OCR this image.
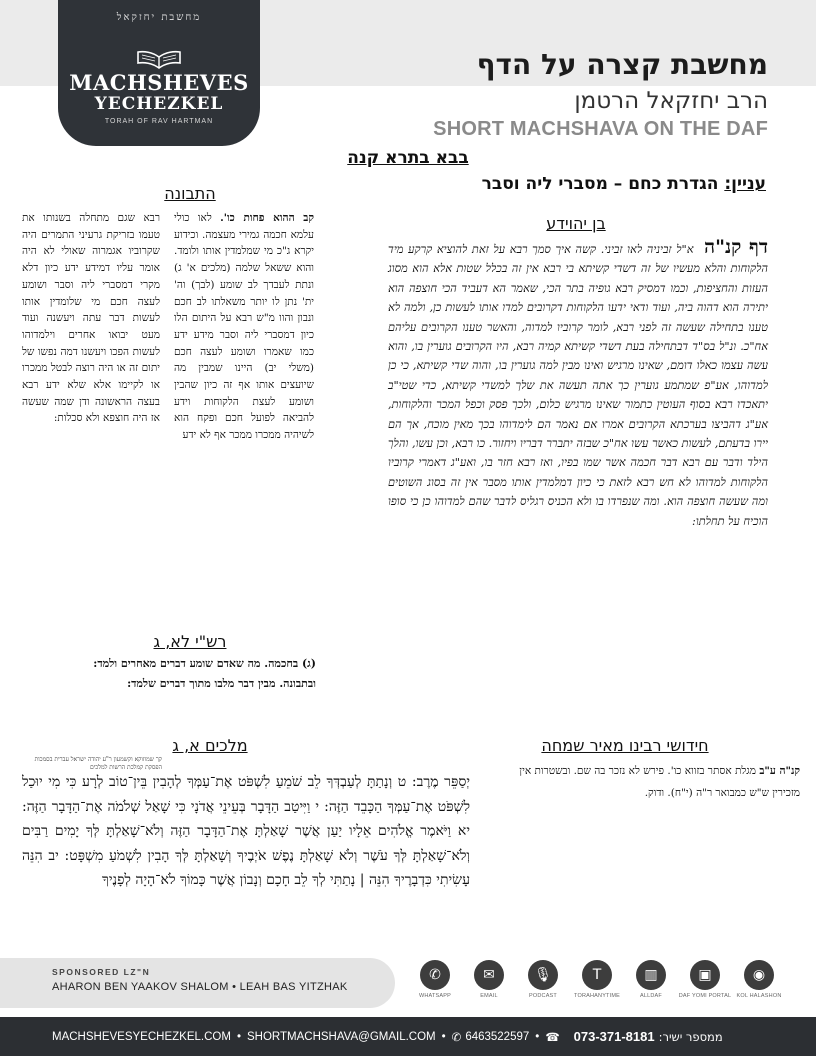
מחשבת יחזקאל
MACHSHEVES
YECHEZKEL
TORAH OF RAV HARTMAN
מחשבת קצרה על הדף
הרב יחזקאל הרטמן
SHORT MACHSHAVA ON THE DAF
בבא בתרא קנה
עניין: הגדרת כחם – מסברי ליה וסבר
בן יהוידע
דף קנ"ה א"ל זביניה לאו זביני. קשה איך סמך רבא על זאת להוציא קרקע מיד הלקוחות והלא מעשיו של זה דשדי קשיתא בי רבא אין זה בכלל שטות אלא הוא מסוג העזות והחציפות, וכמו דמסיק רבא גופיה בתר הכי, שאמר הא דעביד הכי חוצפה הוא יתירה הוא דהוה ביה, ועוד ודאי ידעו הלקוחות דקרובים למדו אותו לעשות כן, ולמה לא טענו בתחילה שעשה זה לפני רבא, לומר קרוביו למדוה, והאשר טענו הקרובים עליהם אח"כ. ונ"ל בס"ד דבתחילה בעת דשדי קשיתא קמיה רבא, היו הקרובים גוערין בו, והוא עשה עצמו כאלו דומם, שאינו מרגיש ואינו מבין למה גוערין בו, והוה שדי קשיתא, כי כן למדוהו, אע"פ שמתמע גוערין כך אתה תעשה את שלך למשדי קשיתא, כדי שטי"ב יתאכדו רבא בסוף העוטין כתמור שאינו מרגיש כלום, ולכך פסק וכפל המכר והלקוחות, אע"ג דהביצו בערכתא הקרובים אמרו אם נאמר הם לימדוהו בכך מאין מוכח, אך הם יירו בדעתם, לעשות כאשר עשו אח"כ שבזה יתברר דבריו ויחזור. כו רבא, וכן עשו, והלך הילד ודבר עם רבא דבר חכמה אשר שמו בפיו, ואז רבא חזר בו, ואע"ג דאמרי קרוביו הלקוחות למדוהו לא חש רבא לזאת כי כיון דמלמדין אותו מסבר אין זה בסוג השוטים ומה שעשה חוצפה הוא. ומה שנפרדו בו ולא הכניס רגליס לדבר שהם למדוהו כן כי סופו הוכיח על תחלתו:
התבונה
קב ההוא פחות כו'. לאו כולי עלמא חכמה גמירי מעצמה. וכידוע יקרא ג"כ מי שמלמדין אותו ולומד. והוא ששאל שלמה (מלכים א' ג) ונתת לעבדך לב שומע (לבך) וה' ית' נתן לו יותר משאלתו לב חכם ונבון והוו מ"ש רבא על היתום הלו כיון דמסברי ליה וסבר מידע ידע כמו שאמרו ושומע לעצה חכם (משלי יב) היינו שמבין מה שיועצים אותו אף זה כיון שהבין ושומע לעצת הלקוחות וידע להביאה לפועל חכם ופקח הוא לשיהיה ממכרו ממכר אף לא ידע
רבא שגם מתחלה בשנותו את טעמו בזריקת גרעיני התמרים היה שקרוביו אגמרוה שאולי לא היה אומר עליו דמידע ידע כיון דלא מקרי דמסברי ליה וסבר ושומע לעצה חכם מי שלומדין אותו לעשות דבר עתה ויעשנה ועוד מעט יבואו אחרים וילמדוהו לעשות הפכו ויעשנו דמה נפשו של יתום זה או היה רוצה לבטל ממכרו או לקיימו אלא שלא ידע רבא בעצה הראשונה ודן שמה שעשה אז היה חוצפא ולא סכלות:
רש"י לא, ג
(ג) בחכמה. מה שאדם שומע דברים מאחרים ולמד:
ובתבונה. מבין דבר מלבו מתוך דברים שלמד:
מלכים א, ג
קך שמוזוקא וקשמעון ר"ע יהודה ישראל עברית בסמכות הפסקת קמלכת הרשות למלכים
יְסַפֵּר מֶרֶב: ט וְנָתַתָּ לְעַבְדְּךָ לֵב שֹׁמֵעַ לִשְׁפֹּט אֶת־עַמְּךָ לְהָבִין בֵּין־טוֹב לְרָע כִּי מִי יוּכַל לִשְׁפֹּט אֶת־עַמְּךָ הַכָּבֵד הַזֶּה: י וַיִּיטַב הַדָּבָר בְּעֵינֵי אֲדֹנָי כִּי שָׁאַל שְׁלֹמֹה אֶת־הַדָּבָר הַזֶּה: יא וַיֹּאמֶר אֱלֹהִים אֵלָיו יַעַן אֲשֶׁר שָׁאַלְתָּ אֶת־הַדָּבָר הַזֶּה וְלֹא־שָׁאַלְתָּ לְּךָ יָמִים רַבִּים וְלֹא־שָׁאַלְתָּ לְּךָ עֹשֶׁר וְלֹא שָׁאַלְתָּ נֶפֶשׁ אֹיְבֶיךָ וְשָׁאַלְתָּ לְּךָ הָבִין לִשְׁמֹעַ מִשְׁפָּט: יב הִנֵּה עָשִׂיתִי כִּדְבָרֶיךָ הִנֵּה | נָתַתִּי לְךָ לֵב חָכָם וְנָבוֹן אֲשֶׁר כָּמוֹךָ לֹא־הָיָה לְפָנֶיךָ
חידושי רבינו מאיר שמחה
קנ"ה ע"ב מגלת אסתר בזווא כו'. פירש לא נזכר בה שם. ובשטרות אין מזכירין ש"ש כמבואר ר"ה (י"ח). ודוק.
SPONSORED LZ"N
AHARON BEN YAAKOV SHALOM • LEAH BAS YITZHAK
✆
WHATSAPP
✉
EMAIL
🎙
PODCAST
T
TORAHANYTIME
▥
ALLDAF
▣
DAF YOMI PORTAL
◉
KOL HALASHON
MACHSHEVESYECHEZKEL.COM • SHORTMACHSHAVA@GMAIL.COM • ✆ 6463522597 • ☎ 073-371-8181 ממספר ישיר:
